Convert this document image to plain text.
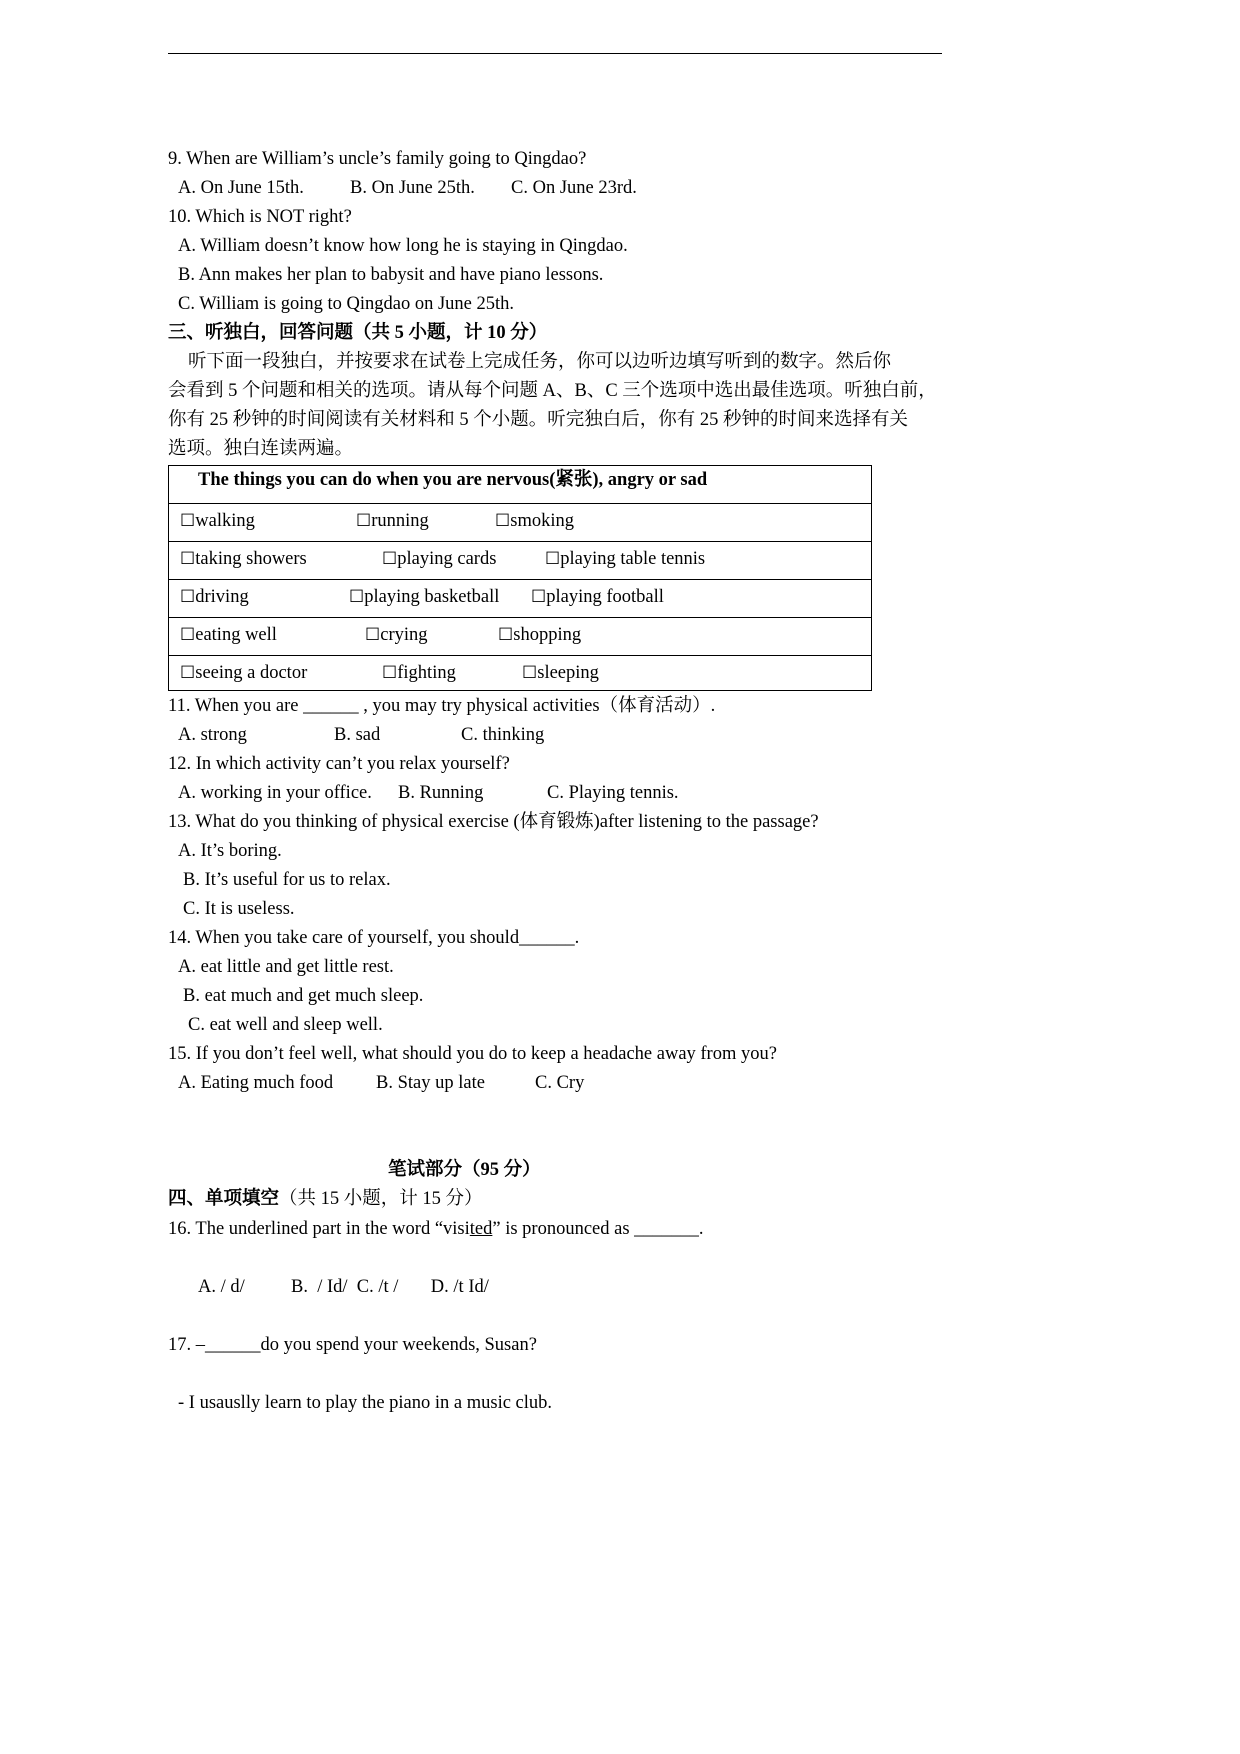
9. When are William’s uncle’s family going to Qingdao?
A. On June 15th. B. On June 25th. C. On June 23rd.
10. Which is NOT right?
A. William doesn’t know how long he is staying in Qingdao.
B. Ann makes her plan to babysit and have piano lessons.
C. William is going to Qingdao on June 25th.
三、听独白，回答问题（共 5 小题，计 10 分）
听下面一段独白，并按要求在试卷上完成任务，你可以边听边填写听到的数字。然后你
会看到 5 个问题和相关的选项。请从每个问题 A、B、C 三个选项中选出最佳选项。听独白前，
你有 25 秒钟的时间阅读有关材料和 5 个小题。听完独白后，你有 25 秒钟的时间来选择有关
选项。独白连读两遍。
The things you can do when you are nervous(紧张), angry or sad
☐walking	☐running	☐smoking
☐taking showers	☐playing cards	☐playing table tennis
☐driving	☐playing basketball ☐playing football
☐eating well	☐crying	☐shopping
☐seeing a doctor	☐fighting	☐sleeping
11. When you are ______ , you may try physical activities（体育活动）.
A. strong	B. sad	C. thinking
12. In which activity can’t you relax yourself?
A. working in your office. B. Running	C. Playing tennis.
13. What do you thinking of physical exercise (体育锻炼)after listening to the passage?
A. It’s boring.
B. It’s useful for us to relax.
C. It is useless.
14. When you take care of yourself, you should______.
A. eat little and get little rest.
B. eat much and get much sleep.
C. eat well and sleep well.
15. If you don’t feel well, what should you do to keep a headache away from you?
A. Eating much food B. Stay up late	C. Cry
笔试部分（95 分）
四、单项填空（共 15 小题，计 15 分）
16. The underlined part in the word “visited” is pronounced as _______.
A. / d/          B.  / Id/  C. /t /       D. /t Id/
17. –______do you spend your weekends, Susan?
- I usauslly learn to play the piano in a music club.
